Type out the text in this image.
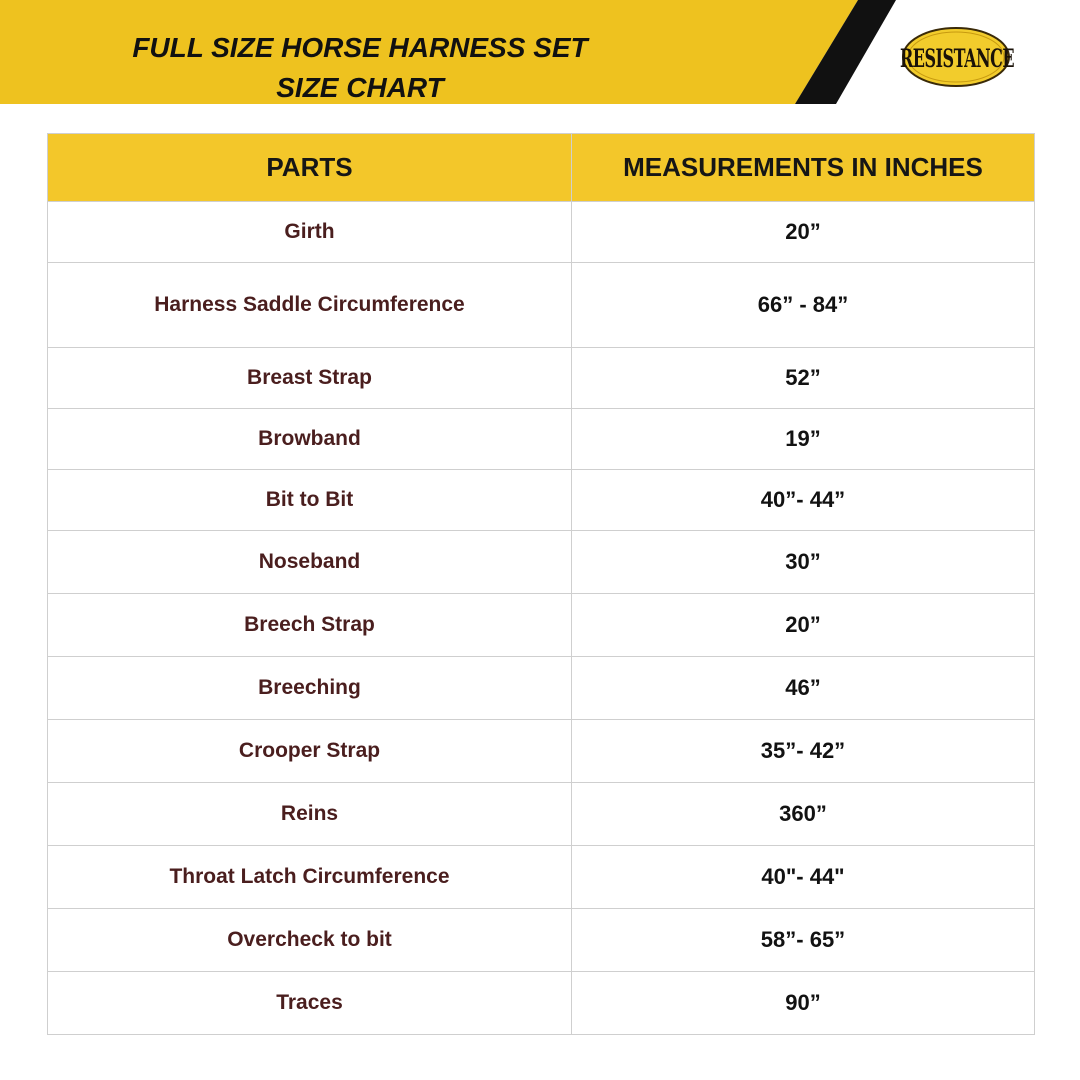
FULL SIZE HORSE HARNESS SET
SIZE CHART
RESISTANCE
PARTS	MEASUREMENTS IN INCHES
Girth	20”
Harness Saddle Circumference	66” - 84”
Breast Strap	52”
Browband	19”
Bit to Bit	40”- 44”
Noseband	30”
Breech Strap	20”
Breeching	46”
Crooper Strap	35”- 42”
Reins	360”
Throat Latch Circumference	40"- 44"
Overcheck to bit	58”- 65”
Traces	90”
